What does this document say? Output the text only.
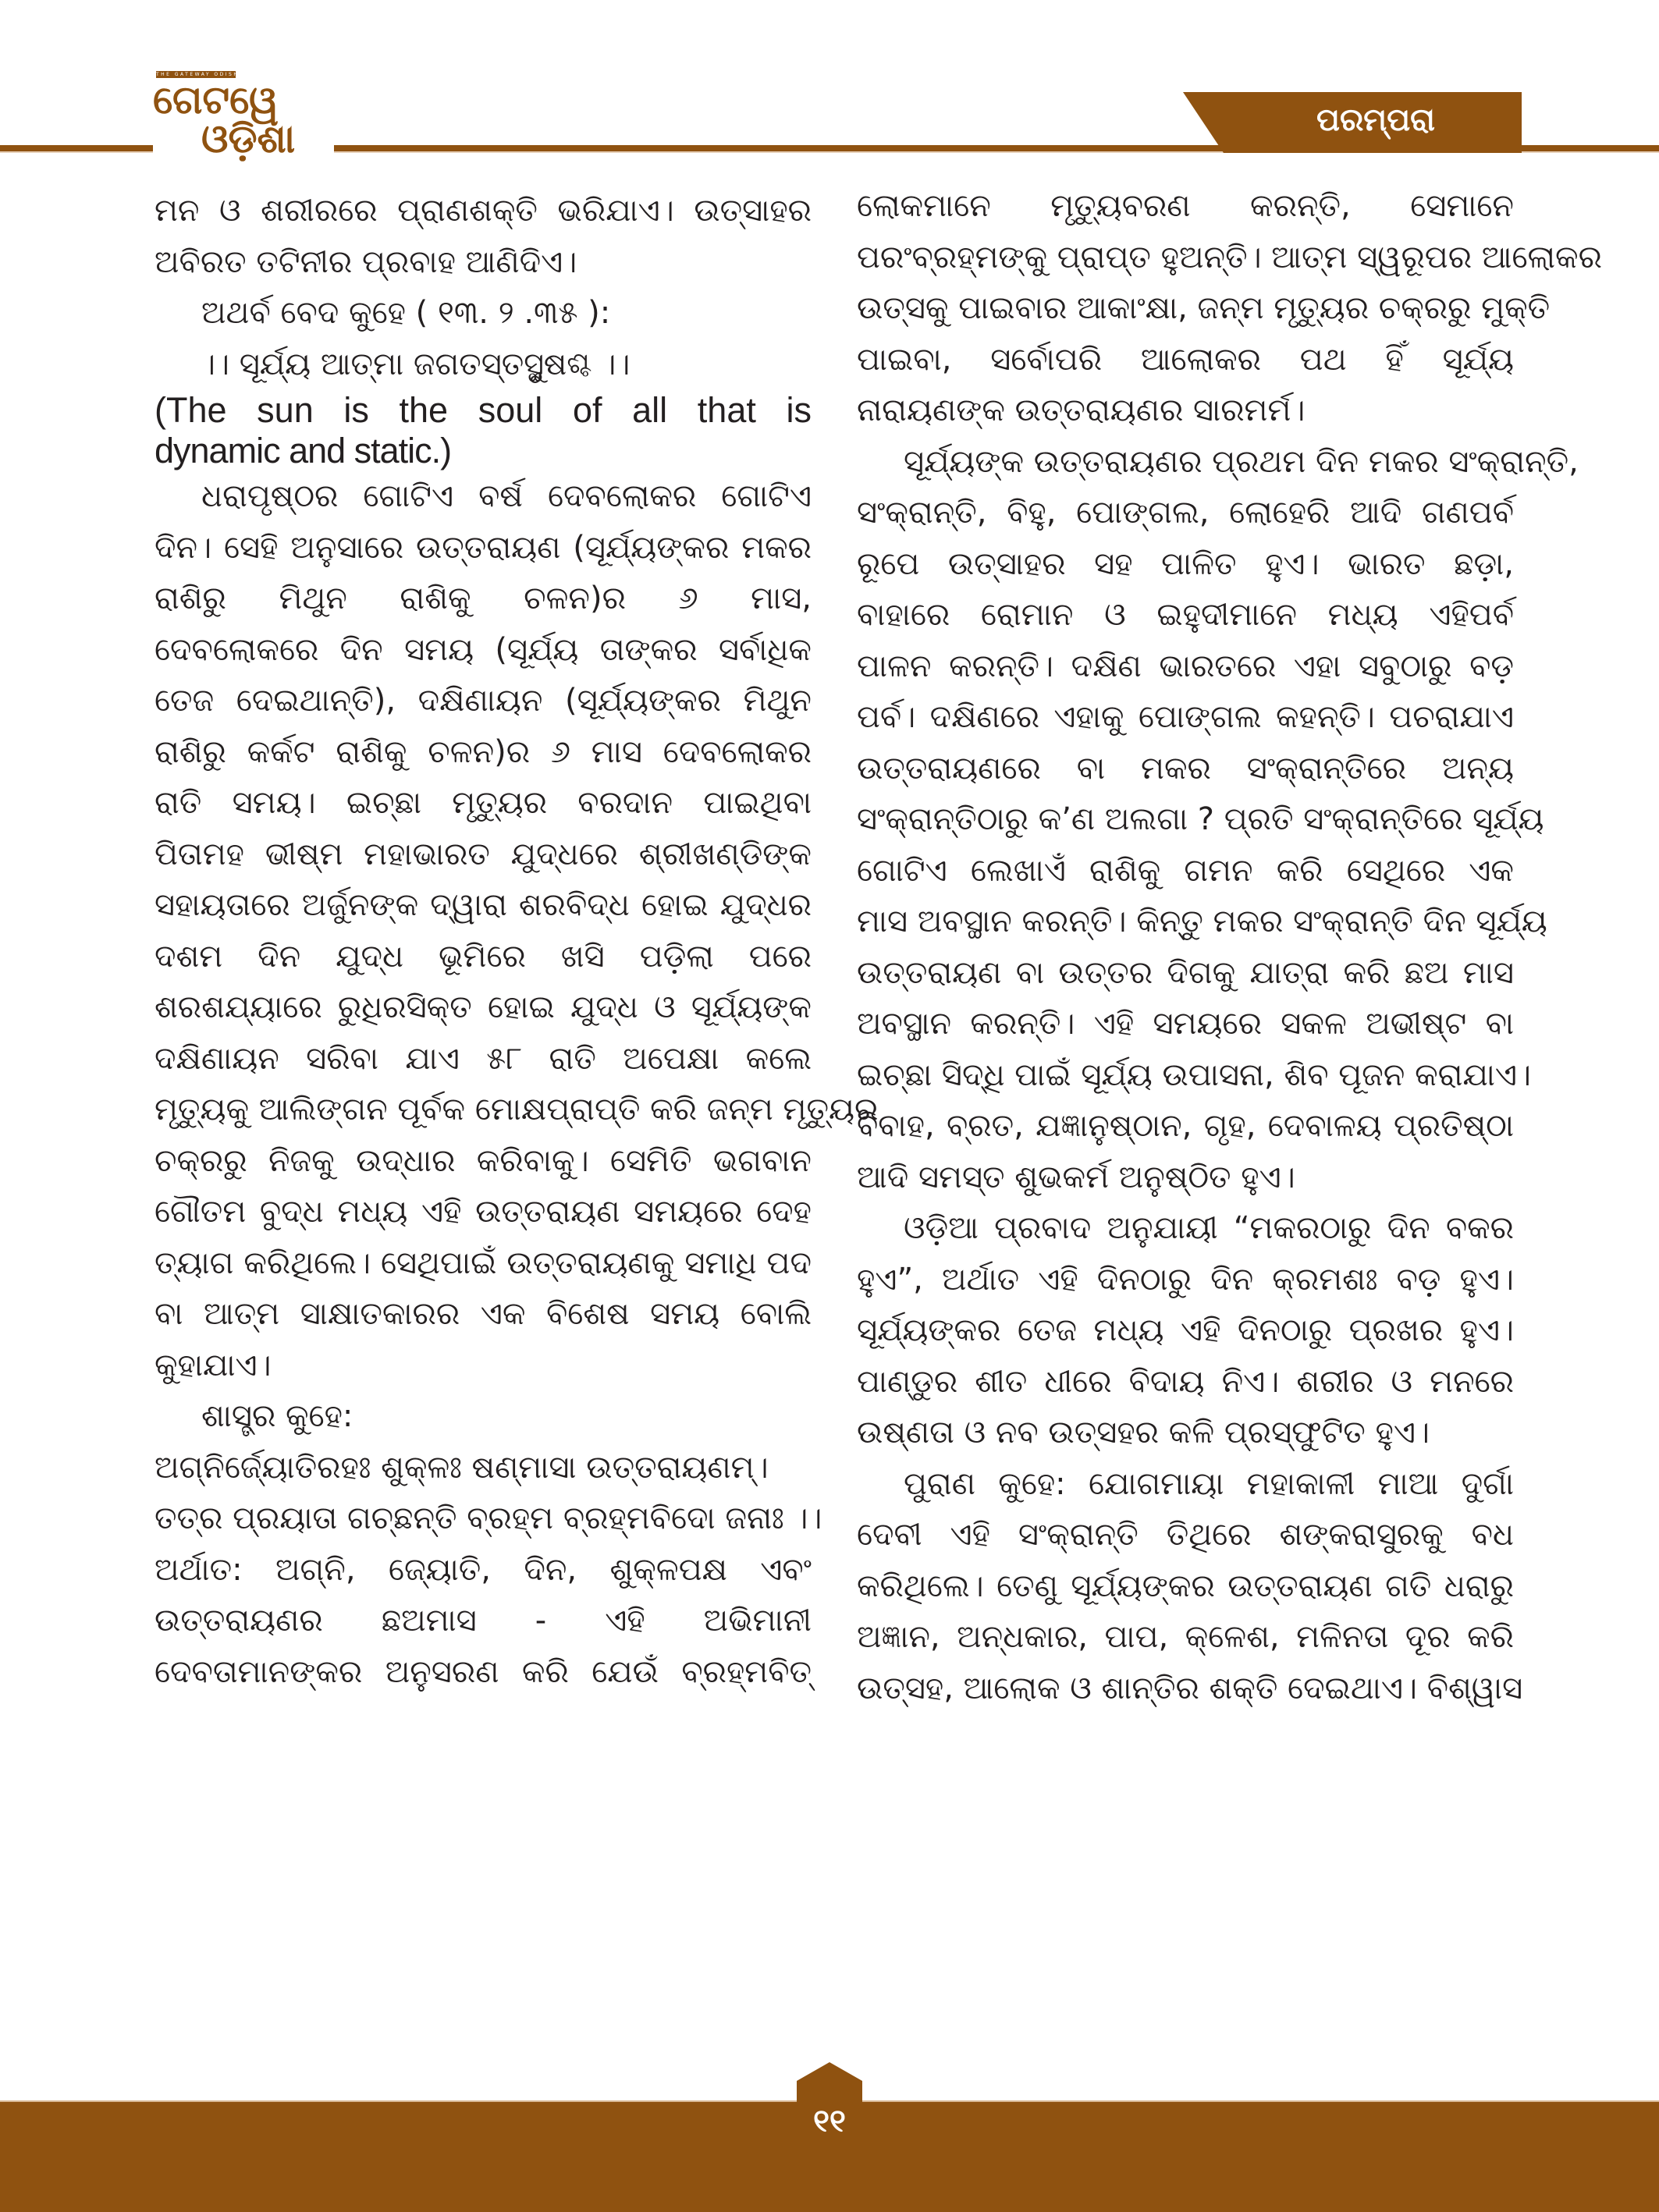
THE GATEWAY ODISHA
ଗେଟୱେ
ଓଡ଼ିଶା	ପରମ୍ପରା
ମନ ଓ ଶରୀରରେ ପ୍ରାଣଶକ୍ତି ଭରିଯାଏ। ଉତ୍ସାହର
ଅବିରତ ତଟିନୀର ପ୍ରବାହ ଆଣିଦିଏ।
ଅଥର୍ବ ବେଦ କୁହେ ( ୧୩. ୨ .୩୫ ):
।। ସୂର୍ଯ୍ୟ ଆତ୍ମା ଜଗତସ୍ତସ୍ଥୁଷଶ୍ଚ ।।
(The sun is the soul of all that is
dynamic and static.)
ଧରାପୃଷ୍ଠର ଗୋଟିଏ ବର୍ଷ ଦେବଲୋକର ଗୋଟିଏ
ଦିନ। ସେହି ଅନୁସାରେ ଉତ୍ତରାୟଣ (ସୂର୍ଯ୍ୟଙ୍କର ମକର
ରାଶିରୁ ମିଥୁନ ରାଶିକୁ ଚଳନ)ର ୬ ମାସ,
ଦେବଲୋକରେ ଦିନ ସମୟ (ସୂର୍ଯ୍ୟ ତାଙ୍କର ସର୍ବାଧିକ
ତେଜ ଦେଇଥାନ୍ତି), ଦକ୍ଷିଣାୟନ (ସୂର୍ଯ୍ୟଙ୍କର ମିଥୁନ
ରାଶିରୁ କର୍କଟ ରାଶିକୁ ଚଳନ)ର ୬ ମାସ ଦେବଲୋକର
ରାତି ସମୟ। ଇଚ୍ଛା ମୃତ୍ୟୁର ବରଦାନ ପାଇଥିବା
ପିତାମହ ଭୀଷ୍ମ ମହାଭାରତ ଯୁଦ୍ଧରେ ଶ୍ରୀଖଣ୍ଡିଙ୍କ
ସହାୟତାରେ ଅର୍ଜୁନଙ୍କ ଦ୍ୱାରା ଶରବିଦ୍ଧ ହୋଇ ଯୁଦ୍ଧର
ଦଶମ ଦିନ ଯୁଦ୍ଧ ଭୂମିରେ ଖସି ପଡ଼ିଲା ପରେ
ଶରଶଯ୍ୟାରେ ରୁଧିରସିକ୍ତ ହୋଇ ଯୁଦ୍ଧ ଓ ସୂର୍ଯ୍ୟଙ୍କ
ଦକ୍ଷିଣାୟନ ସରିବା ଯାଏ ୫୮ ରାତି ଅପେକ୍ଷା କଲେ
ମୃତ୍ୟୁକୁ ଆଲିଙ୍ଗନ ପୂର୍ବକ ମୋକ୍ଷପ୍ରାପ୍ତି କରି ଜନ୍ମ ମୃତ୍ୟୁର
ଚକ୍ରରୁ ନିଜକୁ ଉଦ୍ଧାର କରିବାକୁ। ସେମିତି ଭଗବାନ
ଗୌତମ ବୁଦ୍ଧ ମଧ୍ୟ ଏହି ଉତ୍ତରାୟଣ ସମୟରେ ଦେହ
ତ୍ୟାଗ କରିଥିଲେ। ସେଥିପାଇଁ ଉତ୍ତରାୟଣକୁ ସମାଧି ପଦ
ବା ଆତ୍ମ ସାକ୍ଷାତକାରର ଏକ ବିଶେଷ ସମୟ ବୋଲି
କୁହାଯାଏ।
ଶାସ୍ତ୍ର କୁହେ:
ଅଗ୍ନିର୍ଜ୍ୟୋତିରହଃ ଶୁକ୍ଳଃ ଷଣ୍ମାସା ଉତ୍ତରାୟଣମ୍।
ତତ୍ର ପ୍ରୟାତା ଗଚ୍ଛନ୍ତି ବ୍ରହ୍ମ ବ୍ରହ୍ମବିଦୋ ଜନାଃ ।।
ଅର୍ଥାତ: ଅଗ୍ନି, ଜ୍ୟୋତି, ଦିନ, ଶୁକ୍ଳପକ୍ଷ ଏବଂ
ଉତ୍ତରାୟଣର ଛଅମାସ - ଏହି ଅଭିମାନୀ
ଦେବତାମାନଙ୍କର ଅନୁସରଣ କରି ଯେଉଁ ବ୍ରହ୍ମବିତ୍
ଲୋକମାନେ ମୃତ୍ୟୁବରଣ କରନ୍ତି, ସେମାନେ
ପରଂବ୍ରହ୍ମଙ୍କୁ ପ୍ରାପ୍ତ ହୁଅନ୍ତି। ଆତ୍ମ ସ୍ୱରୂପର ଆଲୋକର
ଉତ୍ସକୁ ପାଇବାର ଆକାଂକ୍ଷା, ଜନ୍ମ ମୃତ୍ୟୁର ଚକ୍ରରୁ ମୁକ୍ତି
ପାଇବା, ସର୍ବୋପରି ଆଲୋକର ପଥ ହିଁ ସୂର୍ଯ୍ୟ
ନାରାୟଣଙ୍କ ଉତ୍ତରାୟଣର ସାରମର୍ମ।
ସୂର୍ଯ୍ୟଙ୍କ ଉତ୍ତରାୟଣର ପ୍ରଥମ ଦିନ ମକର ସଂକ୍ରାନ୍ତି,
ସଂକ୍ରାନ୍ତି, ବିହୁ, ପୋଙ୍ଗଲ, ଲୋହେରି ଆଦି ଗଣପର୍ବ
ରୂପେ ଉତ୍ସାହର ସହ ପାଳିତ ହୁଏ। ଭାରତ ଛଡ଼ା,
ବାହାରେ ରୋମାନ ଓ ଇହୁଦୀମାନେ ମଧ୍ୟ ଏହିପର୍ବ
ପାଳନ କରନ୍ତି। ଦକ୍ଷିଣ ଭାରତରେ ଏହା ସବୁଠାରୁ ବଡ଼
ପର୍ବ। ଦକ୍ଷିଣରେ ଏହାକୁ ପୋଙ୍ଗଲ କହନ୍ତି। ପଚରାଯାଏ
ଉତ୍ତରାୟଣରେ ବା ମକର ସଂକ୍ରାନ୍ତିରେ ଅନ୍ୟ
ସଂକ୍ରାନ୍ତିଠାରୁ କ’ଣ ଅଲଗା ? ପ୍ରତି ସଂକ୍ରାନ୍ତିରେ ସୂର୍ଯ୍ୟ
ଗୋଟିଏ ଲେଖାଏଁ ରାଶିକୁ ଗମନ କରି ସେଥିରେ ଏକ
ମାସ ଅବସ୍ଥାନ କରନ୍ତି। କିନ୍ତୁ ମକର ସଂକ୍ରାନ୍ତି ଦିନ ସୂର୍ଯ୍ୟ
ଉତ୍ତରାୟଣ ବା ଉତ୍ତର ଦିଗକୁ ଯାତ୍ରା କରି ଛଅ ମାସ
ଅବସ୍ଥାନ କରନ୍ତି। ଏହି ସମୟରେ ସକଳ ଅଭୀଷ୍ଟ ବା
ଇଚ୍ଛା ସିଦ୍ଧି ପାଇଁ ସୂର୍ଯ୍ୟ ଉପାସନା, ଶିବ ପୂଜନ କରାଯାଏ।
ବିବାହ, ବ୍ରତ, ଯଜ୍ଞାନୁଷ୍ଠାନ, ଗୃହ, ଦେବାଳୟ ପ୍ରତିଷ୍ଠା
ଆଦି ସମସ୍ତ ଶୁଭକର୍ମ ଅନୁଷ୍ଠିତ ହୁଏ।
ଓଡ଼ିଆ ପ୍ରବାଦ ଅନୁଯାୟୀ “ମକରଠାରୁ ଦିନ ବକର
ହୁଏ”, ଅର୍ଥାତ ଏହି ଦିନଠାରୁ ଦିନ କ୍ରମଶଃ ବଡ଼ ହୁଏ।
ସୂର୍ଯ୍ୟଙ୍କର ତେଜ ମଧ୍ୟ ଏହି ଦିନଠାରୁ ପ୍ରଖର ହୁଏ।
ପାଣ୍ଡୁର ଶୀତ ଧୀରେ ବିଦାୟ ନିଏ। ଶରୀର ଓ ମନରେ
ଉଷ୍ଣତା ଓ ନବ ଉତ୍ସହର କଳି ପ୍ରସ୍ଫୁଟିତ ହୁଏ।
ପୁରାଣ କୁହେ: ଯୋଗମାୟା ମହାକାଳୀ ମାଆ ଦୁର୍ଗା
ଦେବୀ ଏହି ସଂକ୍ରାନ୍ତି ତିଥିରେ ଶଙ୍କରାସୁରକୁ ବଧ
କରିଥିଲେ। ତେଣୁ ସୂର୍ଯ୍ୟଙ୍କର ଉତ୍ତରାୟଣ ଗତି ଧରାରୁ
ଅଜ୍ଞାନ, ଅନ୍ଧକାର, ପାପ, କ୍ଳେଶ, ମଳିନତା ଦୂର କରି
ଉତ୍ସହ, ଆଲୋକ ଓ ଶାନ୍ତିର ଶକ୍ତି ଦେଇଥାଏ। ବିଶ୍ୱାସ
୧୧
